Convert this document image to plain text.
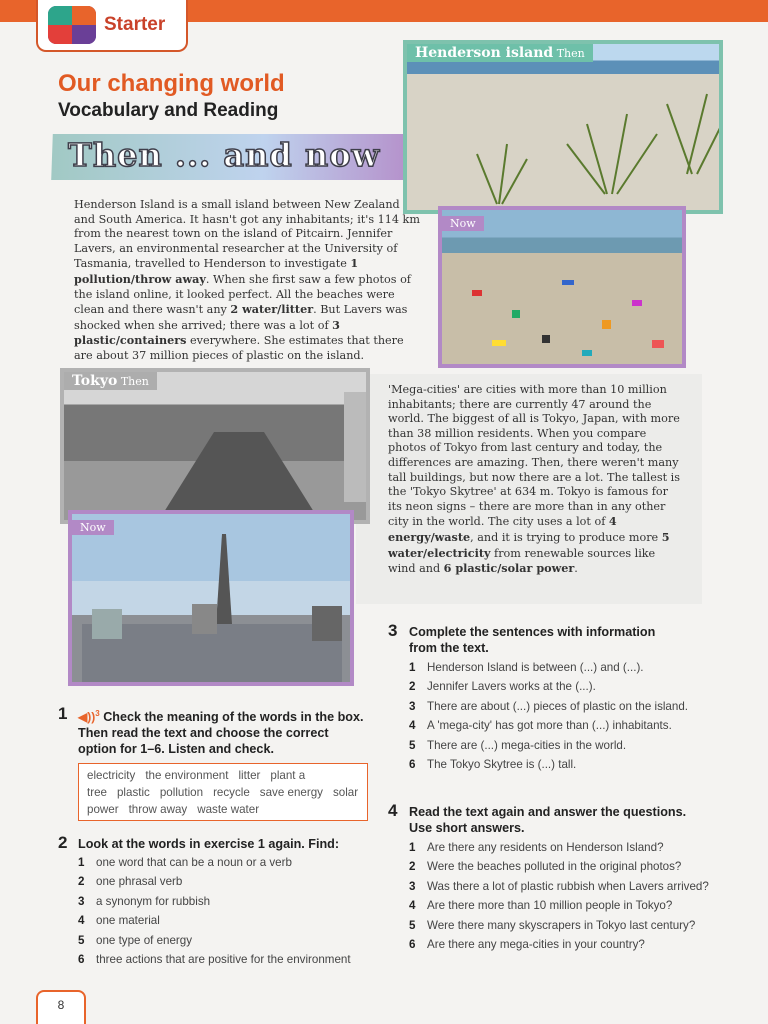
Starter
Our changing world
Vocabulary and Reading
Then ... and now
Henderson island Then
Now
Tokyo Then
Now

Henderson Island is a small island between New Zealand and South America. It hasn't got any inhabitants; it's 114 km from the nearest town on the island of Pitcairn. Jennifer Lavers, an environmental researcher at the University of Tasmania, travelled to Henderson to investigate 1 pollution/throw away. When she first saw a few photos of the island online, it looked perfect. All the beaches were clean and there wasn't any 2 water/litter. But Lavers was shocked when she arrived; there was a lot of 3 plastic/containers everywhere. She estimates that there are about 37 million pieces of plastic on the island.

'Mega-cities' are cities with more than 10 million inhabitants; there are currently 47 around the world. The biggest of all is Tokyo, Japan, with more than 38 million residents. When you compare photos of Tokyo from last century and today, the differences are amazing. Then, there weren't many tall buildings, but now there are a lot. The tallest is the 'Tokyo Skytree' at 634 m. Tokyo is famous for its neon signs – there are more than in any other city in the world. The city uses a lot of 4 energy/waste, and it is trying to produce more 5 water/electricity from renewable sources like wind and 6 plastic/solar power.

1 ◀))$^3$ Check the meaning of the words in the box. Then read the text and choose the correct option for 1–6. Listen and check.
electricity the environment litter plant a tree plastic pollution recycle save energy solar power throw away waste water
2 Look at the words in exercise 1 again. Find:
1 one word that can be a noun or a verb
2 one phrasal verb
3 a synonym for rubbish
4 one material
5 one type of energy
6 three actions that are positive for the environment
3 Complete the sentences with information from the text.
1 Henderson Island is between (...) and (...).
2 Jennifer Lavers works at the (...).
3 There are about (...) pieces of plastic on the island.
4 A 'mega-city' has got more than (...) inhabitants.
5 There are (...) mega-cities in the world.
6 The Tokyo Skytree is (...) tall.
4 Read the text again and answer the questions. Use short answers.
1 Are there any residents on Henderson Island?
2 Were the beaches polluted in the original photos?
3 Was there a lot of plastic rubbish when Lavers arrived?
4 Are there more than 10 million people in Tokyo?
5 Were there many skyscrapers in Tokyo last century?
6 Are there any mega-cities in your country?
8
